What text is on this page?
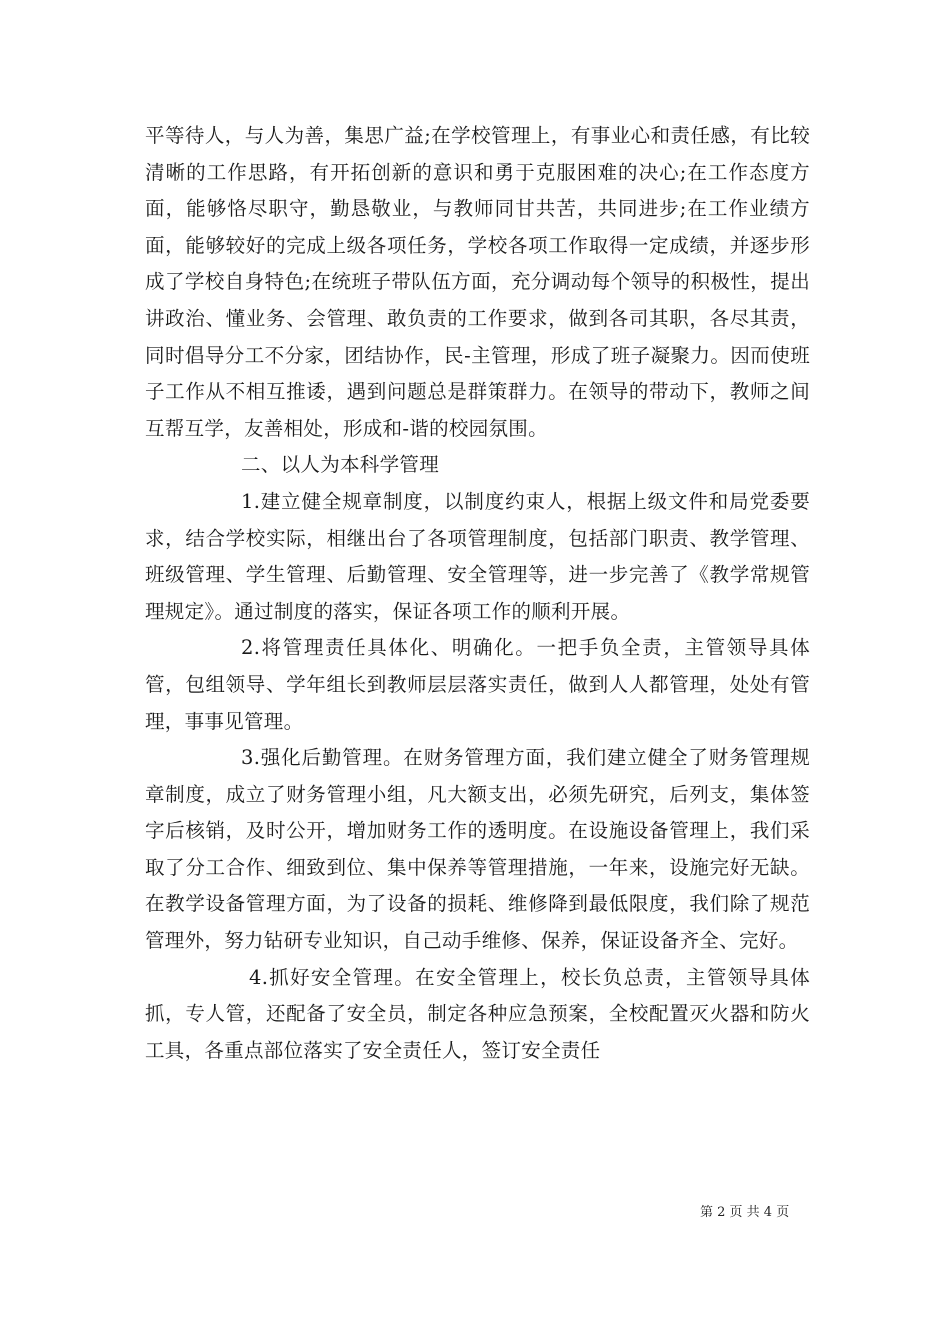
平等待人，与人为善，集思广益;在学校管理上，有事业心和责任感，有比较清晰的工作思路，有开拓创新的意识和勇于克服困难的决心;在工作态度方面，能够恪尽职守，勤恳敬业，与教师同甘共苦，共同进步;在工作业绩方面，能够较好的完成上级各项任务，学校各项工作取得一定成绩，并逐步形成了学校自身特色;在统班子带队伍方面，充分调动每个领导的积极性，提出讲政治、懂业务、会管理、敢负责的工作要求，做到各司其职，各尽其责，同时倡导分工不分家，团结协作，民-主管理，形成了班子凝聚力。因而使班子工作从不相互推诿，遇到问题总是群策群力。在领导的带动下，教师之间互帮互学，友善相处，形成和-谐的校园氛围。

二、以人为本科学管理

1.建立健全规章制度，以制度约束人，根据上级文件和局党委要求，结合学校实际，相继出台了各项管理制度，包括部门职责、教学管理、班级管理、学生管理、后勤管理、安全管理等，进一步完善了《教学常规管理规定》。通过制度的落实，保证各项工作的顺利开展。

2.将管理责任具体化、明确化。一把手负全责，主管领导具体管，包组领导、学年组长到教师层层落实责任，做到人人都管理，处处有管理，事事见管理。

3.强化后勤管理。在财务管理方面，我们建立健全了财务管理规章制度，成立了财务管理小组，凡大额支出，必须先研究，后列支，集体签字后核销，及时公开，增加财务工作的透明度。在设施设备管理上，我们采取了分工合作、细致到位、集中保养等管理措施，一年来，设施完好无缺。在教学设备管理方面，为了设备的损耗、维修降到最低限度，我们除了规范管理外，努力钻研专业知识，自己动手维修、保养，保证设备齐全、完好。

4.抓好安全管理。在安全管理上，校长负总责，主管领导具体抓，专人管，还配备了安全员，制定各种应急预案，全校配置灭火器和防火工具，各重点部位落实了安全责任人，签订安全责任

第 2 页 共 4 页
